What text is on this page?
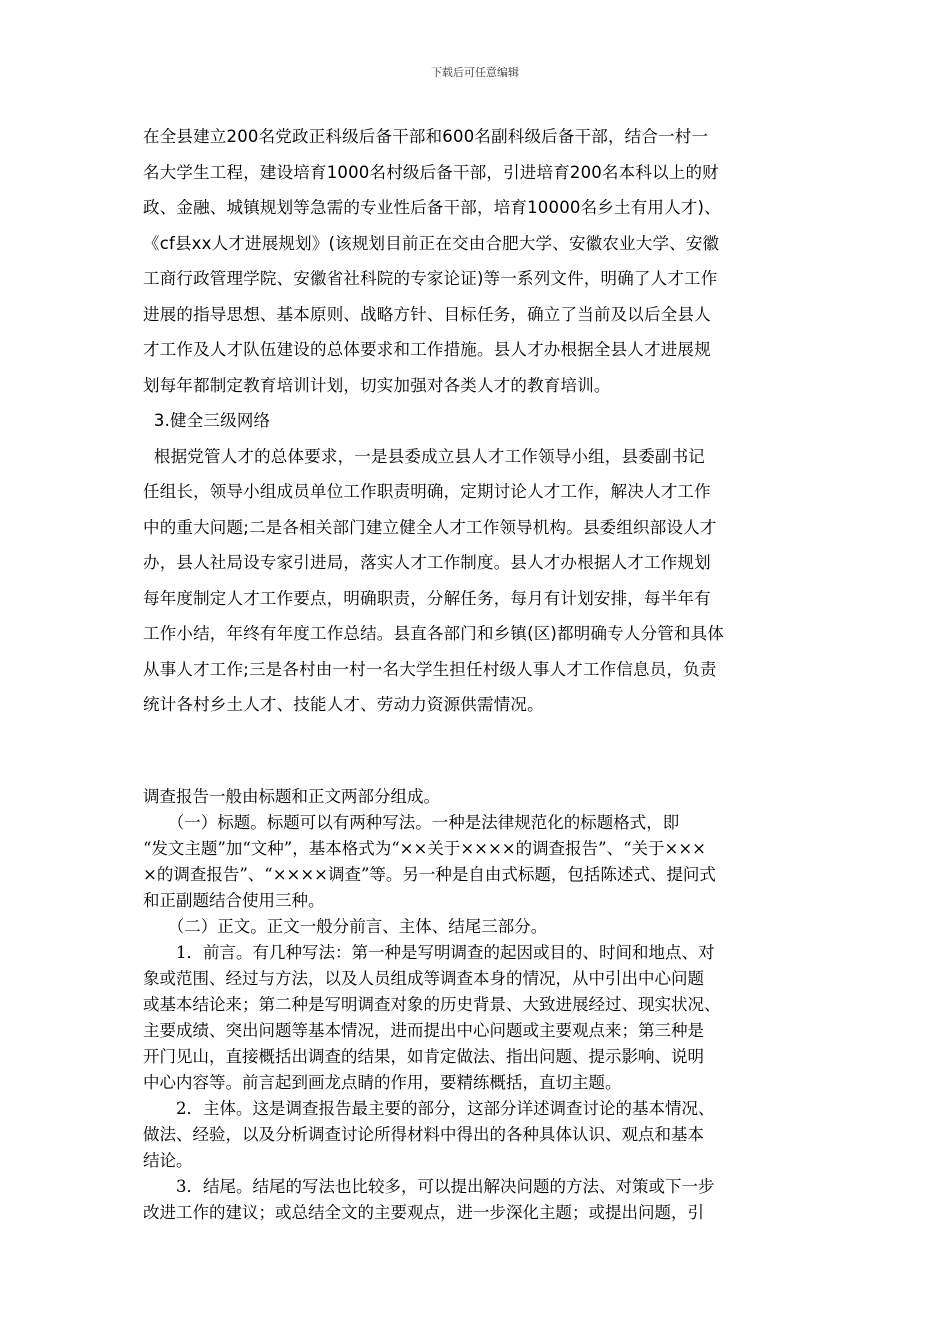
下载后可任意编辑

在全县建立200名党政正科级后备干部和600名副科级后备干部，结合一村一

名大学生工程，建设培育1000名村级后备干部，引进培育200名本科以上的财

政、金融、城镇规划等急需的专业性后备干部，培育10000名乡土有用人才)、

《cf县xx人才进展规划》(该规划目前正在交由合肥大学、安徽农业大学、安徽

工商行政管理学院、安徽省社科院的专家论证)等一系列文件，明确了人才工作

进展的指导思想、基本原则、战略方针、目标任务，确立了当前及以后全县人

才工作及人才队伍建设的总体要求和工作措施。县人才办根据全县人才进展规

划每年都制定教育培训计划，切实加强对各类人才的教育培训。

3.健全三级网络

根据党管人才的总体要求，一是县委成立县人才工作领导小组，县委副书记

任组长，领导小组成员单位工作职责明确，定期讨论人才工作，解决人才工作

中的重大问题;二是各相关部门建立健全人才工作领导机构。县委组织部设人才

办，县人社局设专家引进局，落实人才工作制度。县人才办根据人才工作规划

每年度制定人才工作要点，明确职责，分解任务，每月有计划安排，每半年有

工作小结，年终有年度工作总结。县直各部门和乡镇(区)都明确专人分管和具体

从事人才工作;三是各村由一村一名大学生担任村级人事人才工作信息员，负责

统计各村乡土人才、技能人才、劳动力资源供需情况。

调查报告一般由标题和正文两部分组成。

　　（一）标题。标题可以有两种写法。一种是法律规范化的标题格式，即

“发文主题”加“文种”，基本格式为“××关于××××的调查报告”、“关于×××

×的调查报告”、“××××调查”等。另一种是自由式标题，包括陈述式、提问式

和正副题结合使用三种。

　　（二）正文。正文一般分前言、主体、结尾三部分。

　　1．前言。有几种写法：第一种是写明调查的起因或目的、时间和地点、对

象或范围、经过与方法，以及人员组成等调查本身的情况，从中引出中心问题

或基本结论来；第二种是写明调查对象的历史背景、大致进展经过、现实状况、

主要成绩、突出问题等基本情况，进而提出中心问题或主要观点来；第三种是

开门见山，直接概括出调查的结果，如肯定做法、指出问题、提示影响、说明

中心内容等。前言起到画龙点睛的作用，要精练概括，直切主题。

　　2．主体。这是调查报告最主要的部分，这部分详述调查讨论的基本情况、

做法、经验，以及分析调查讨论所得材料中得出的各种具体认识、观点和基本

结论。

　　3．结尾。结尾的写法也比较多，可以提出解决问题的方法、对策或下一步

改进工作的建议；或总结全文的主要观点，进一步深化主题；或提出问题，引
